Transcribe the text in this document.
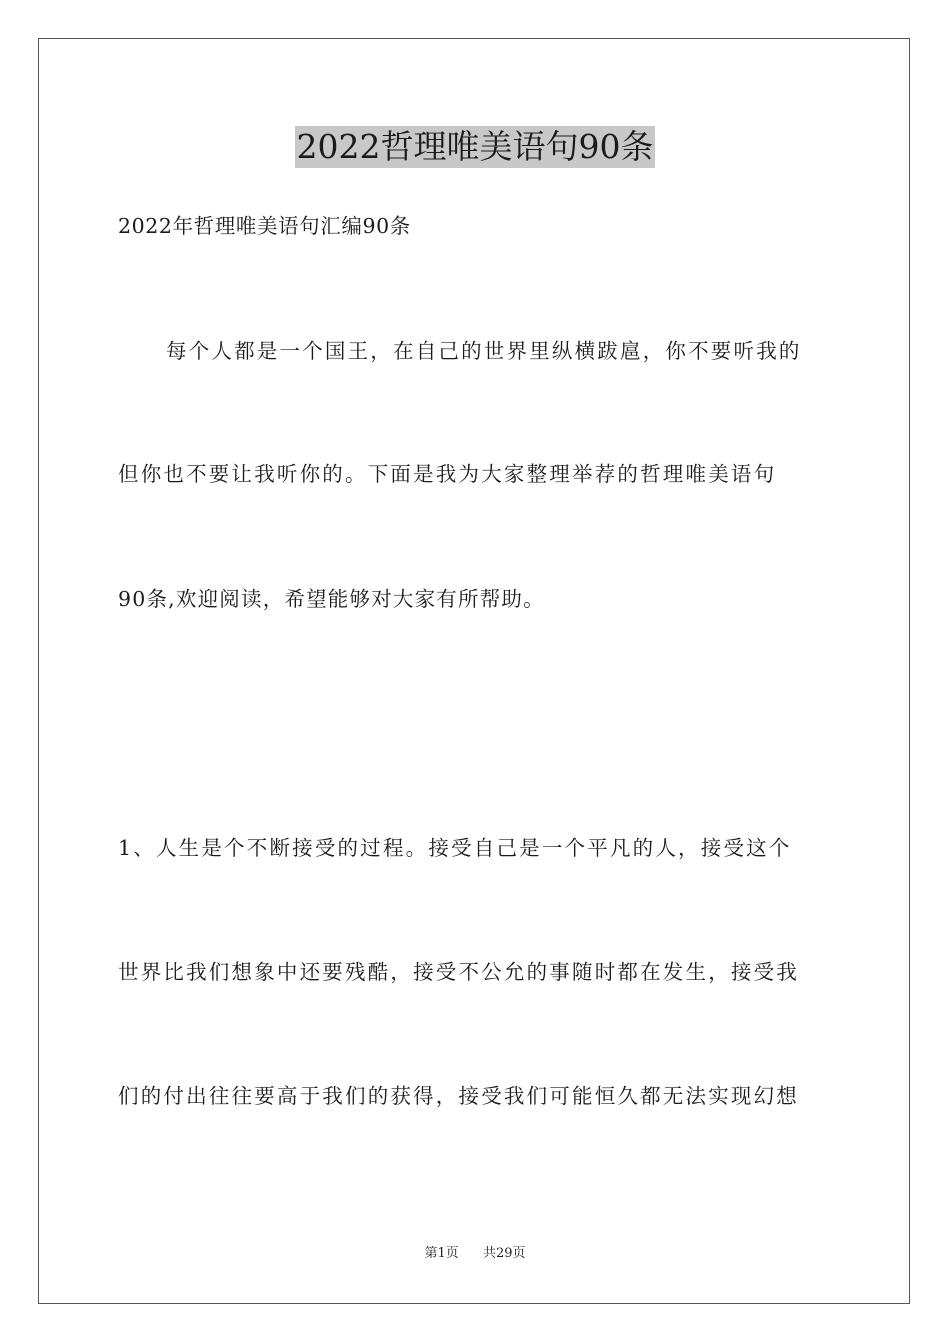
2022哲理唯美语句90条
2022年哲理唯美语句汇编90条
每个人都是一个国王，在自己的世界里纵横跋扈，你不要听我的
但你也不要让我听你的。下面是我为大家整理举荐的哲理唯美语句
90条,欢迎阅读，希望能够对大家有所帮助。
1、人生是个不断接受的过程。接受自己是一个平凡的人，接受这个
世界比我们想象中还要残酷，接受不公允的事随时都在发生，接受我
们的付出往往要高于我们的获得，接受我们可能恒久都无法实现幻想
第1页 共29页
